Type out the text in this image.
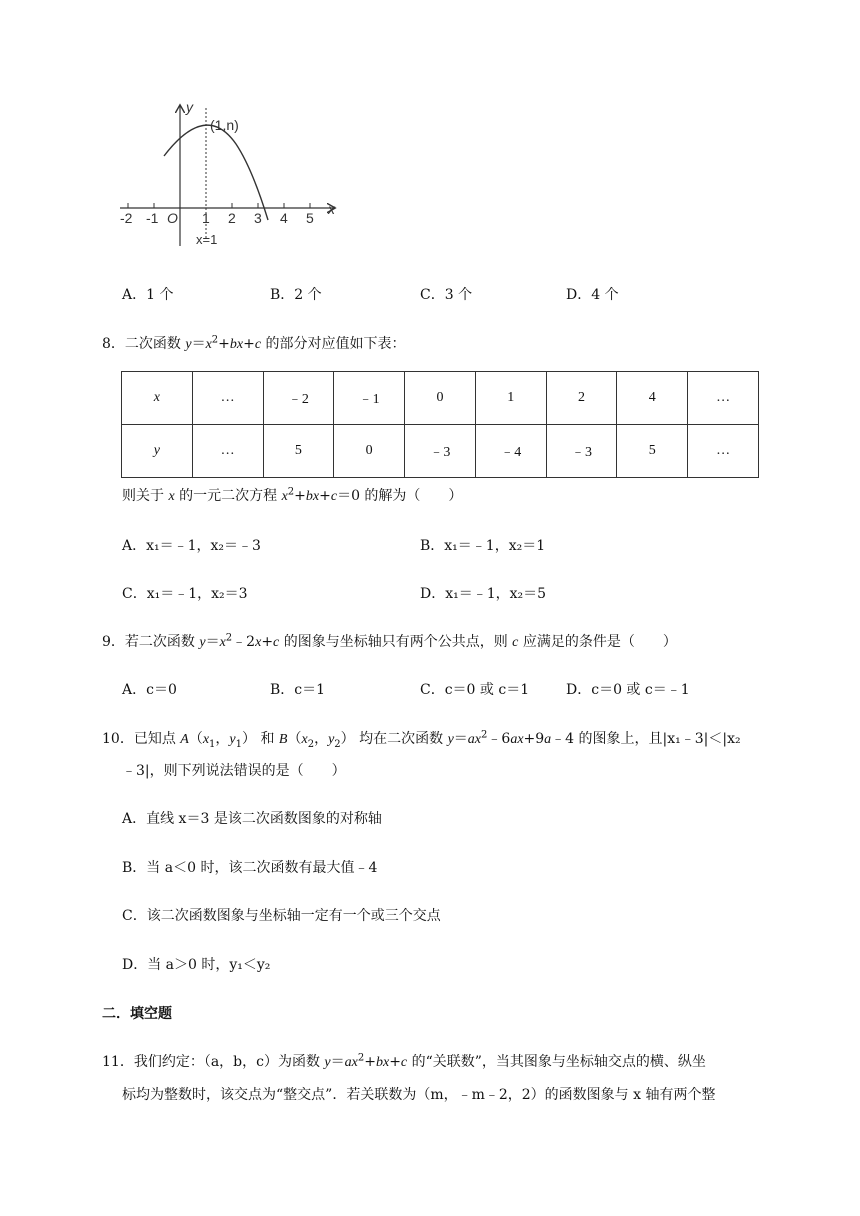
y
x
(1,n)
O
-2 -1	1 2 3 4 5
x=1
A．1 个	B．2 个	C．3 个	D．4 个
8．二次函数 $y=x^2+bx+c$ 的部分对应值如下表：
x	…	﹣2	﹣1	0	1	2	4	…
y	…	5	0	﹣3	﹣4	﹣3	5	…
则关于 x 的一元二次方程 $x^2+bx+c=0$ 的解为（　　）
A．x₁＝﹣1，x₂＝﹣3	B．x₁＝﹣1，x₂＝1
C．x₁＝﹣1，x₂＝3	D．x₁＝﹣1，x₂＝5
9．若二次函数 $y=x^2﹣2x+c$ 的图象与坐标轴只有两个公共点，则 c 应满足的条件是（　　）
A．c＝0	B．c＝1	C．c＝0 或 c＝1	D．c＝0 或 c＝﹣1
10．已知点 $A(x_1$，$y_1$） 和 $B(x_2$，$y_2$） 均在二次函数 $y=ax^2﹣6ax+9a﹣4$ 的图象上，且|x₁﹣3|＜|x₂
﹣3|，则下列说法错误的是（　　）
A．直线 x＝3 是该二次函数图象的对称轴
B．当 a＜0 时，该二次函数有最大值﹣4
C．该二次函数图象与坐标轴一定有一个或三个交点
D．当 a＞0 时，y₁＜y₂
二．填空题
11．我们约定：（a，b，c）为函数 $y=ax^2+bx+c$ 的“关联数”，当其图象与坐标轴交点的横、纵坐
标均为整数时，该交点为“整交点”．若关联数为（m，﹣m﹣2，2）的函数图象与 x 轴有两个整
